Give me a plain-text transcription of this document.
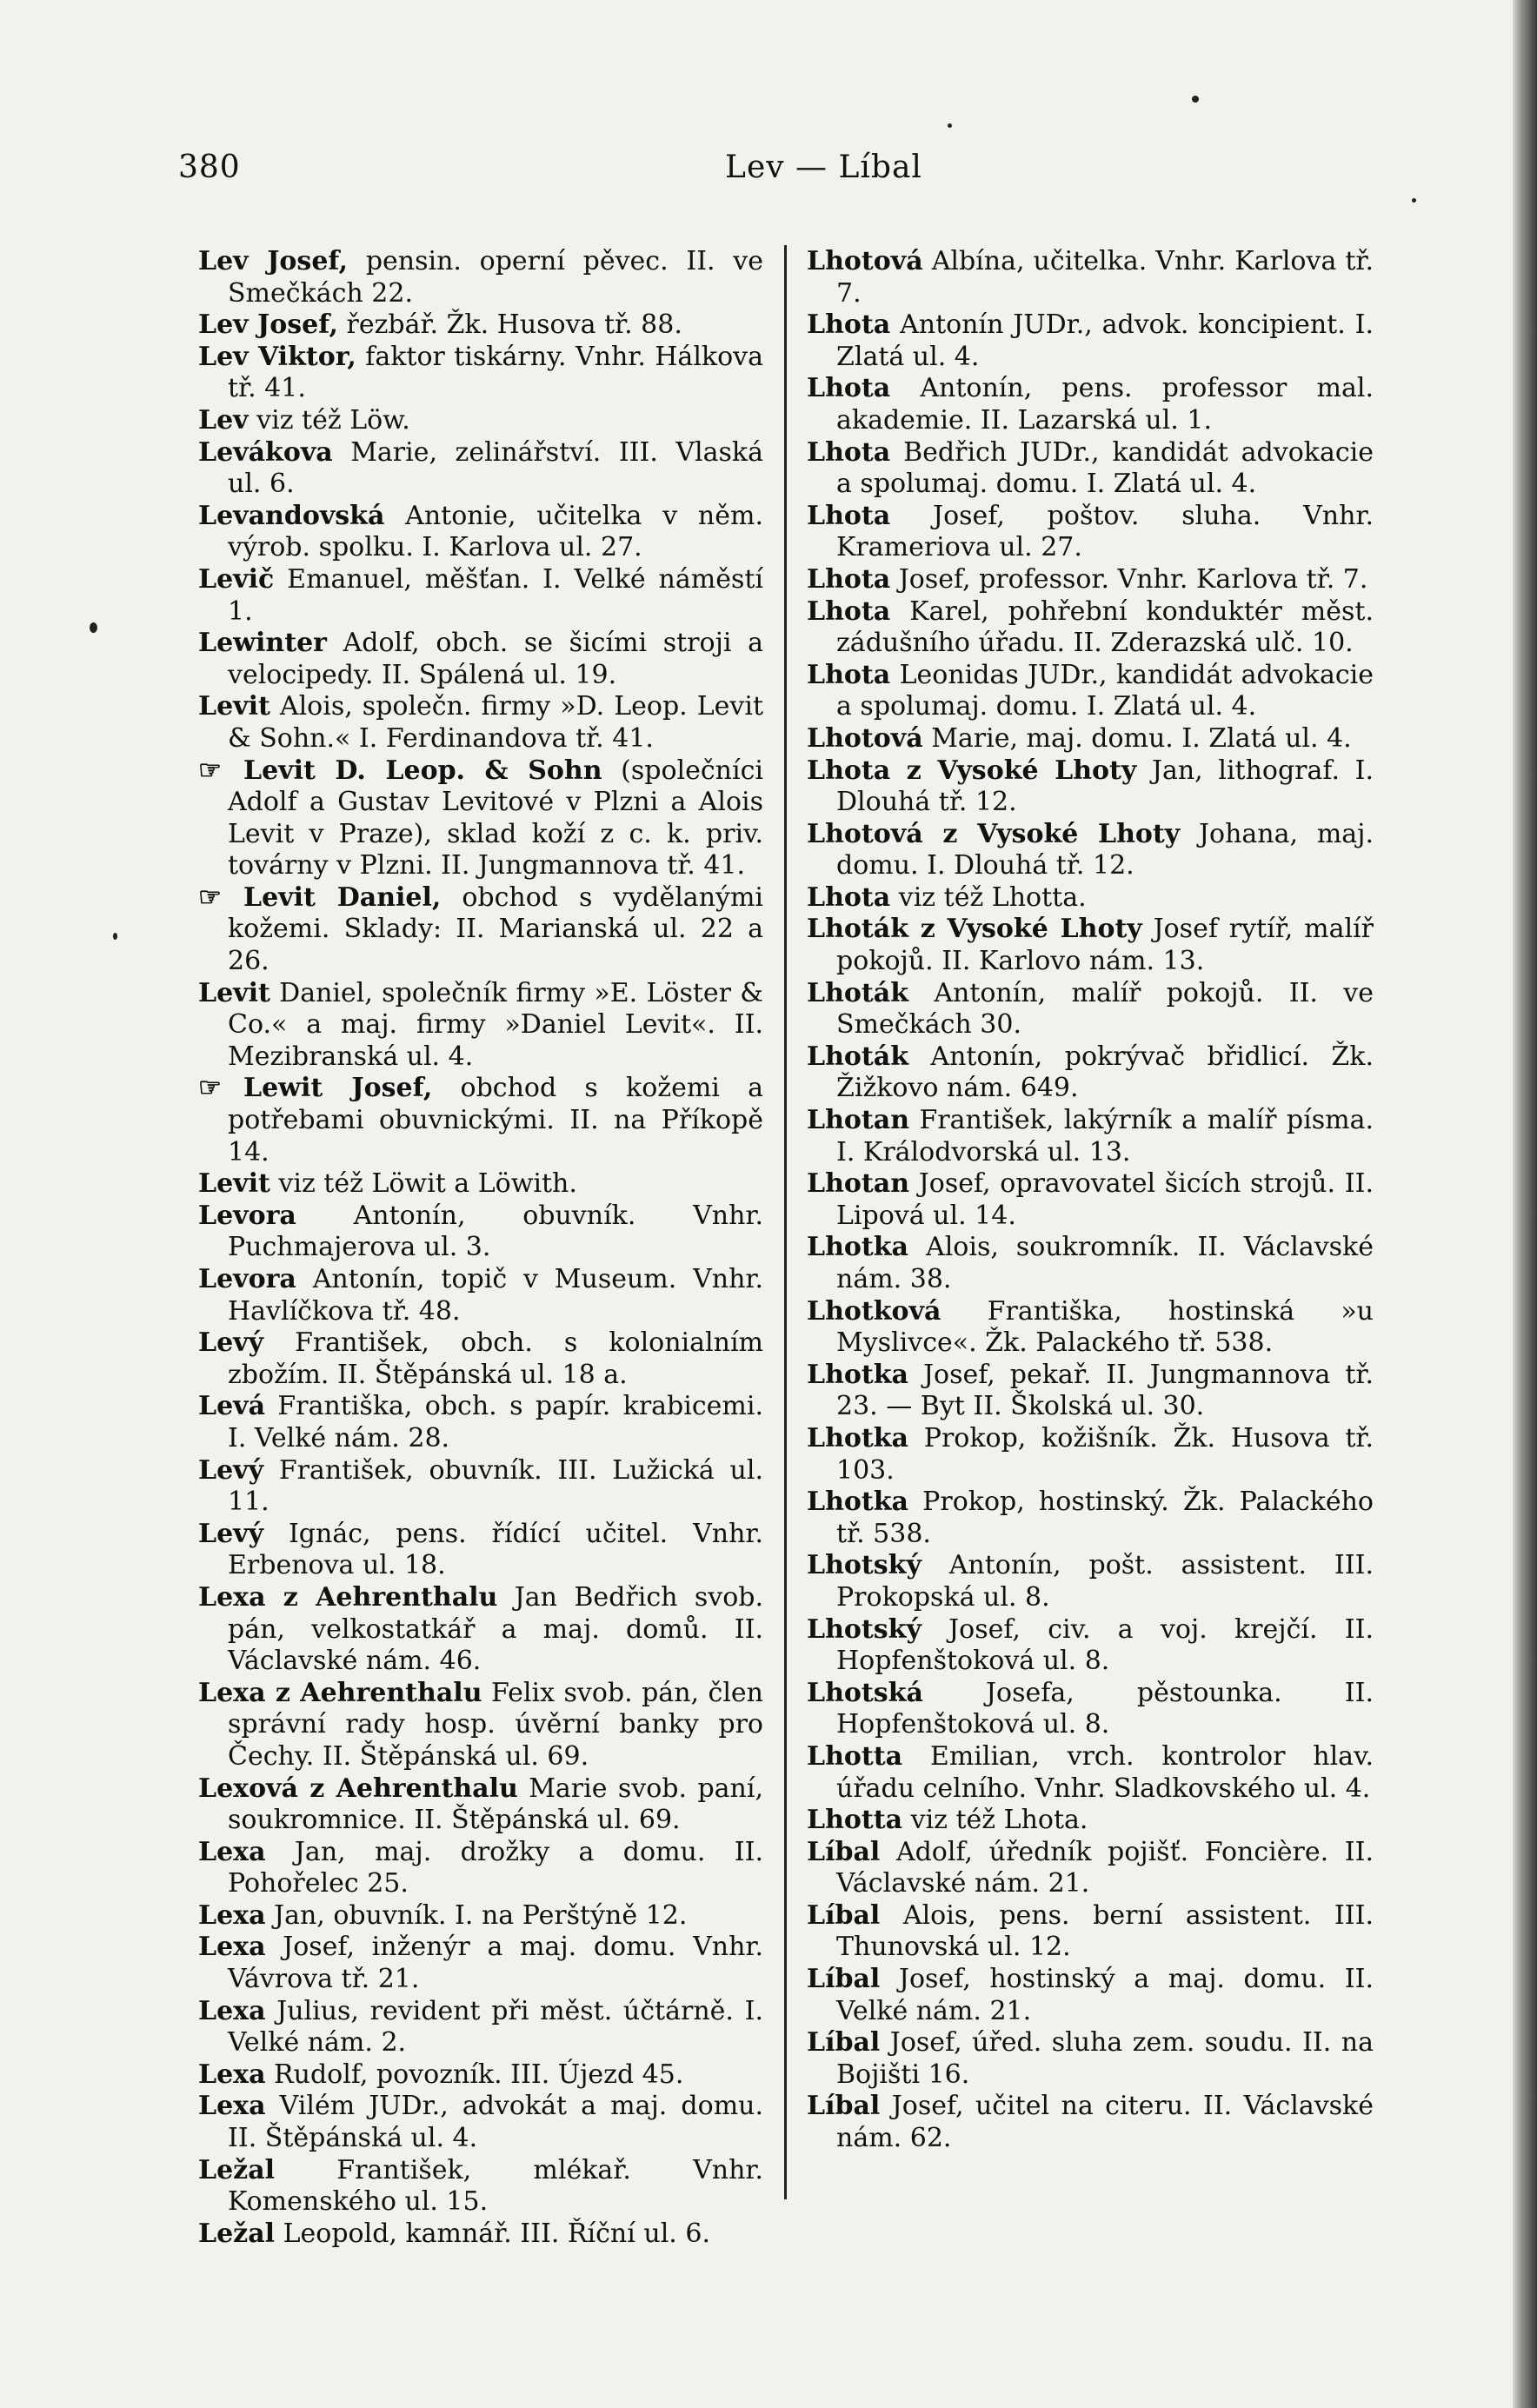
380	Lev — Líbal

Lev Josef, pensin. operní pěvec. II. ve Smečkách 22.

Lev Josef, řezbář. Žk. Husova tř. 88.

Lev Viktor, faktor tiskárny. Vnhr. Hálkova tř. 41.

Lev viz též Löw.

Levákova Marie, zelinářství. III. Vlaská ul. 6.

Levandovská Antonie, učitelka v něm. výrob. spolku. I. Karlova ul. 27.

Levič Emanuel, měšťan. I. Velké náměstí 1.

Lewinter Adolf, obch. se šicími stroji a velocipedy. II. Spálená ul. 19.

Levit Alois, společn. firmy »D. Leop. Levit & Sohn.« I. Ferdinandova tř. 41.

☞ Levit D. Leop. & Sohn (společníci Adolf a Gustav Levitové v Plzni a Alois Levit v Praze), sklad koží z c. k. priv. továrny v Plzni. II. Jungmannova tř. 41.

☞ Levit Daniel, obchod s vydělanými kožemi. Sklady: II. Marianská ul. 22 a 26.

Levit Daniel, společník firmy »E. Löster & Co.« a maj. firmy »Daniel Levit«. II. Mezibranská ul. 4.

☞ Lewit Josef, obchod s kožemi a potřebami obuvnickými. II. na Příkopě 14.

Levit viz též Löwit a Löwith.

Levora Antonín, obuvník. Vnhr. Puchmajerova ul. 3.

Levora Antonín, topič v Museum. Vnhr. Havlíčkova tř. 48.

Levý František, obch. s kolonialním zbožím. II. Štěpánská ul. 18 a.

Levá Františka, obch. s papír. krabicemi. I. Velké nám. 28.

Levý František, obuvník. III. Lužická ul. 11.

Levý Ignác, pens. řídící učitel. Vnhr. Erbenova ul. 18.

Lexa z Aehrenthalu Jan Bedřich svob. pán, velkostatkář a maj. domů. II. Václavské nám. 46.

Lexa z Aehrenthalu Felix svob. pán, člen správní rady hosp. úvěrní banky pro Čechy. II. Štěpánská ul. 69.

Lexová z Aehrenthalu Marie svob. paní, soukromnice. II. Štěpánská ul. 69.

Lexa Jan, maj. drožky a domu. II. Pohořelec 25.

Lexa Jan, obuvník. I. na Perštýně 12.

Lexa Josef, inženýr a maj. domu. Vnhr. Vávrova tř. 21.

Lexa Julius, revident při měst. účtárně. I. Velké nám. 2.

Lexa Rudolf, povozník. III. Újezd 45.

Lexa Vilém JUDr., advokát a maj. domu. II. Štěpánská ul. 4.

Ležal František, mlékař. Vnhr. Komenského ul. 15.

Ležal Leopold, kamnář. III. Říční ul. 6.

Lhotová Albína, učitelka. Vnhr. Karlova tř. 7.

Lhota Antonín JUDr., advok. koncipient. I. Zlatá ul. 4.

Lhota Antonín, pens. professor mal. akademie. II. Lazarská ul. 1.

Lhota Bedřich JUDr., kandidát advokacie a spolumaj. domu. I. Zlatá ul. 4.

Lhota Josef, poštov. sluha. Vnhr. Krameriova ul. 27.

Lhota Josef, professor. Vnhr. Karlova tř. 7.

Lhota Karel, pohřební konduktér měst. zádušního úřadu. II. Zderazská ulč. 10.

Lhota Leonidas JUDr., kandidát advokacie a spolumaj. domu. I. Zlatá ul. 4.

Lhotová Marie, maj. domu. I. Zlatá ul. 4.

Lhota z Vysoké Lhoty Jan, lithograf. I. Dlouhá tř. 12.

Lhotová z Vysoké Lhoty Johana, maj. domu. I. Dlouhá tř. 12.

Lhota viz též Lhotta.

Lhoták z Vysoké Lhoty Josef rytíř, malíř pokojů. II. Karlovo nám. 13.

Lhoták Antonín, malíř pokojů. II. ve Smečkách 30.

Lhoták Antonín, pokrývač břidlicí. Žk. Žižkovo nám. 649.

Lhotan František, lakýrník a malíř písma. I. Králodvorská ul. 13.

Lhotan Josef, opravovatel šicích strojů. II. Lipová ul. 14.

Lhotka Alois, soukromník. II. Václavské nám. 38.

Lhotková Františka, hostinská »u Myslivce«. Žk. Palackého tř. 538.

Lhotka Josef, pekař. II. Jungmannova tř. 23. — Byt II. Školská ul. 30.

Lhotka Prokop, kožišník. Žk. Husova tř. 103.

Lhotka Prokop, hostinský. Žk. Palackého tř. 538.

Lhotský Antonín, pošt. assistent. III. Prokopská ul. 8.

Lhotský Josef, civ. a voj. krejčí. II. Hopfenštoková ul. 8.

Lhotská Josefa, pěstounka. II. Hopfenštoková ul. 8.

Lhotta Emilian, vrch. kontrolor hlav. úřadu celního. Vnhr. Sladkovského ul. 4.

Lhotta viz též Lhota.

Líbal Adolf, úředník pojišť. Foncière. II. Václavské nám. 21.

Líbal Alois, pens. berní assistent. III. Thunovská ul. 12.

Líbal Josef, hostinský a maj. domu. II. Velké nám. 21.

Líbal Josef, úřed. sluha zem. soudu. II. na Bojišti 16.

Líbal Josef, učitel na citeru. II. Václavské nám. 62.
